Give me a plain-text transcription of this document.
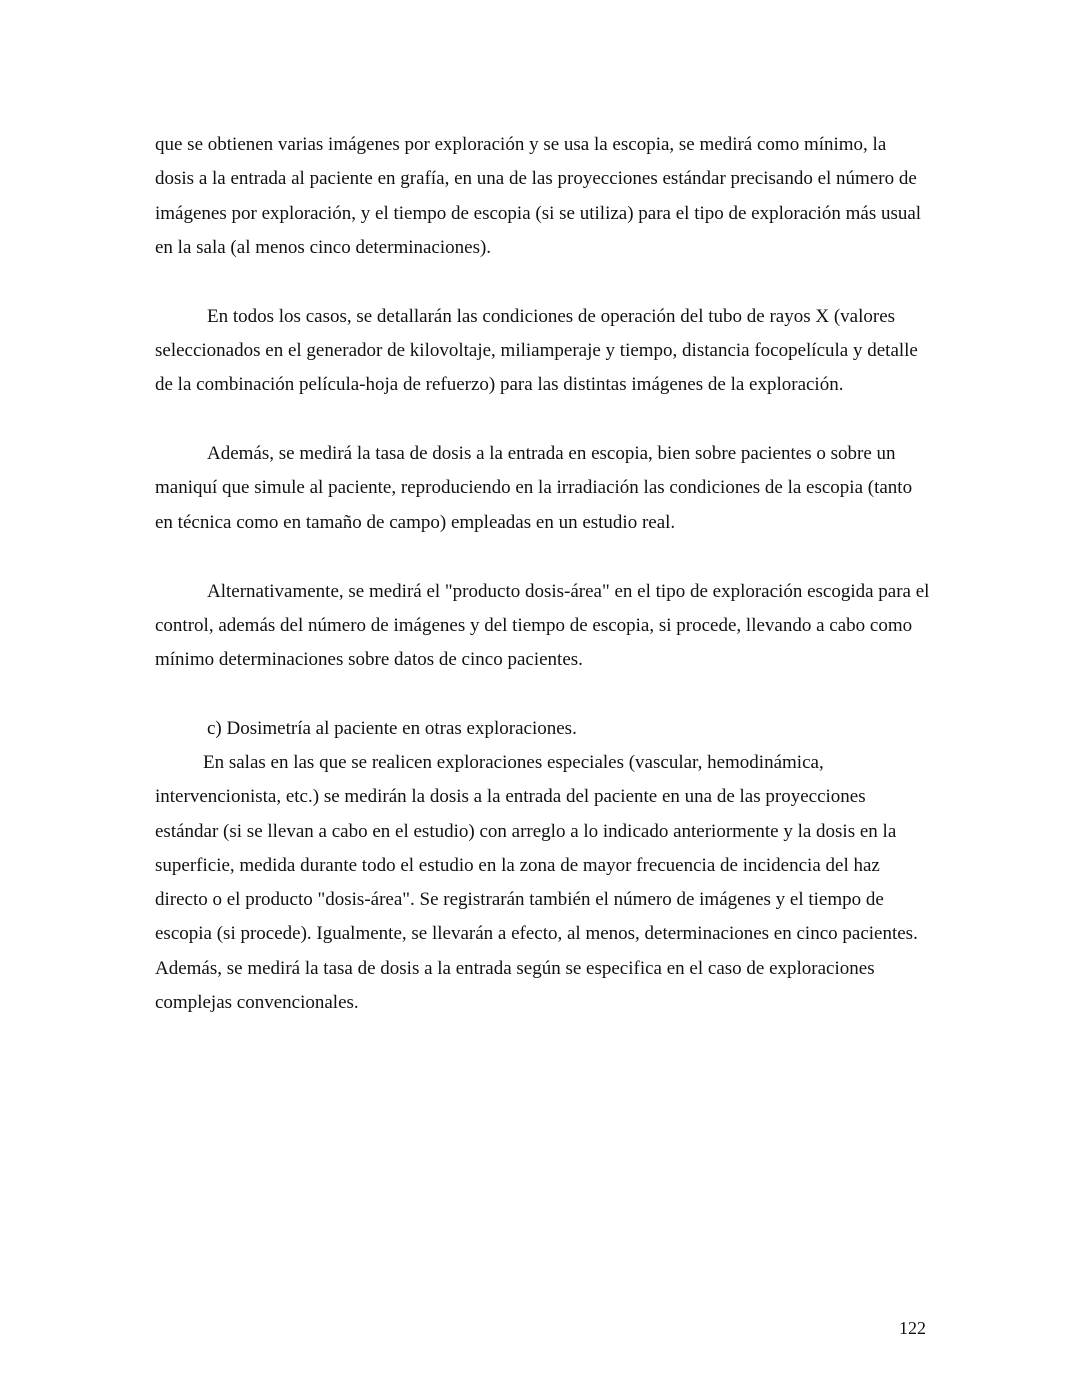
que se obtienen varias imágenes por exploración y se usa la escopia, se medirá como mínimo, la
dosis a la entrada al paciente en grafía, en una de las proyecciones estándar precisando el número de
imágenes por exploración, y el tiempo de escopia (si se utiliza) para el tipo de exploración más usual
en la sala (al menos cinco determinaciones).
En todos los casos, se detallarán las condiciones de operación del tubo de rayos X (valores
seleccionados en el generador de kilovoltaje, miliamperaje y tiempo, distancia focopelícula y detalle
de la combinación película-hoja de refuerzo) para las distintas imágenes de la exploración.
Además, se medirá la tasa de dosis a la entrada en escopia, bien sobre pacientes o sobre un
maniquí que simule al paciente, reproduciendo en la irradiación las condiciones de la escopia (tanto
en técnica como en tamaño de campo) empleadas en un estudio real.
Alternativamente, se medirá el "producto dosis-área" en el tipo de exploración escogida para el
control, además del número de imágenes y del tiempo de escopia, si procede, llevando a cabo como
mínimo determinaciones sobre datos de cinco pacientes.
c) Dosimetría al paciente en otras exploraciones.
En salas en las que se realicen exploraciones especiales (vascular, hemodinámica,
intervencionista, etc.) se medirán la dosis a la entrada del paciente en una de las proyecciones
estándar (si se llevan a cabo en el estudio) con arreglo a lo indicado anteriormente y la dosis en la
superficie, medida durante todo el estudio en la zona de mayor frecuencia de incidencia del haz
directo o el producto "dosis-área". Se registrarán también el número de imágenes y el tiempo de
escopia (si procede). Igualmente, se llevarán a efecto, al menos, determinaciones en cinco pacientes.
Además, se medirá la tasa de dosis a la entrada según se especifica en el caso de exploraciones
complejas convencionales.
122
